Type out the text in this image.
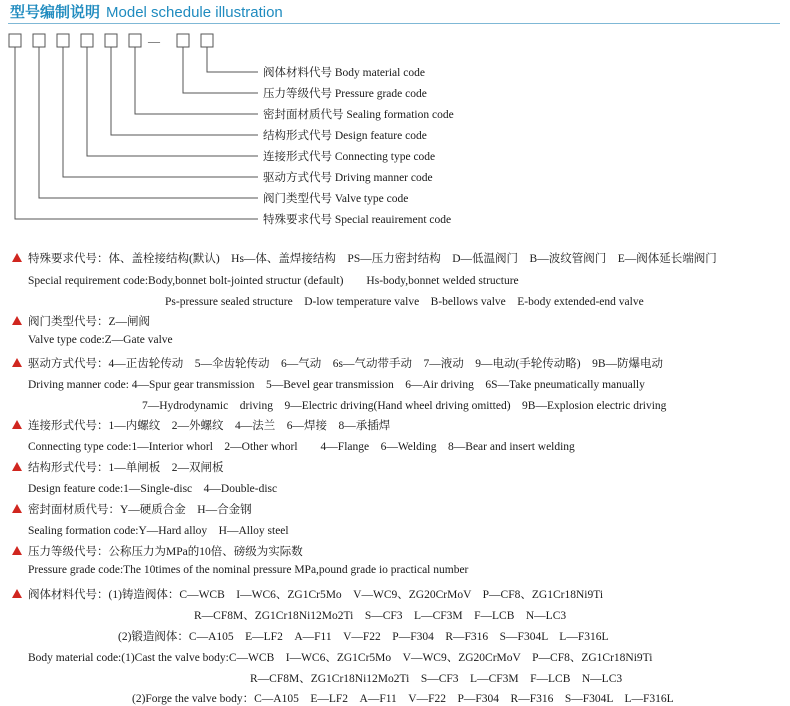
型号编制说明 Model schedule illustration
—
阀体材料代号 Body material code
压力等级代号 Pressure grade code
密封面材质代号 Sealing formation code
结构形式代号 Design feature code
连接形式代号 Connecting type code
驱动方式代号 Driving manner code
阀门类型代号 Valve type code
特殊要求代号 Special reauirement code
特殊要求代号：体、盖栓接结构(默认)　Hs—体、盖焊接结构　PS—压力密封结构　D—低温阀门　B—波纹管阀门　E—阀体延长端阀门
Special requirement code:Body,bonnet bolt-jointed structur (default)　　Hs-body,bonnet welded structure
Ps-pressure sealed structure　D-low temperature valve　B-bellows valve　E-body extended-end valve
阀门类型代号：Z—闸阀
Valve type code:Z—Gate valve
驱动方式代号：4—正齿轮传动　5—伞齿轮传动　6—气动　6s—气动带手动　7—液动　9—电动(手轮传动略)　9B—防爆电动
Driving manner code: 4—Spur gear transmission　5—Bevel gear transmission　6—Air driving　6S—Take pneumatically manually
7—Hydrodynamic　driving　9—Electric driving(Hand wheel driving omitted)　9B—Explosion electric driving
连接形式代号：1—内螺纹　2—外螺纹　4—法兰　6—焊接　8—承插焊
Connecting type code:1—Interior whorl　2—Other whorl　　4—Flange　6—Welding　8—Bear and insert welding
结构形式代号：1—单闸板　2—双闸板
Design feature code:1—Single-disc　4—Double-disc
密封面材质代号：Y—硬质合金　H—合金钢
Sealing formation code:Y—Hard alloy　H—Alloy steel
压力等级代号：公称压力为MPa的10倍、磅级为实际数
Pressure grade code:The 10times of the nominal pressure MPa,pound grade io practical number
阀体材料代号：(1)铸造阀体：C—WCB　I—WC6、ZG1Cr5Mo　V—WC9、ZG20CrMoV　P—CF8、ZG1Cr18Ni9Ti
R—CF8M、ZG1Cr18Ni12Mo2Ti　S—CF3　L—CF3M　F—LCB　N—LC3
(2)锻造阀体：C—A105　E—LF2　A—F11　V—F22　P—F304　R—F316　S—F304L　L—F316L
Body material code:(1)Cast the valve body:C—WCB　I—WC6、ZG1Cr5Mo　V—WC9、ZG20CrMoV　P—CF8、ZG1Cr18Ni9Ti
R—CF8M、ZG1Cr18Ni12Mo2Ti　S—CF3　L—CF3M　F—LCB　N—LC3
(2)Forge the valve body：C—A105　E—LF2　A—F11　V—F22　P—F304　R—F316　S—F304L　L—F316L
